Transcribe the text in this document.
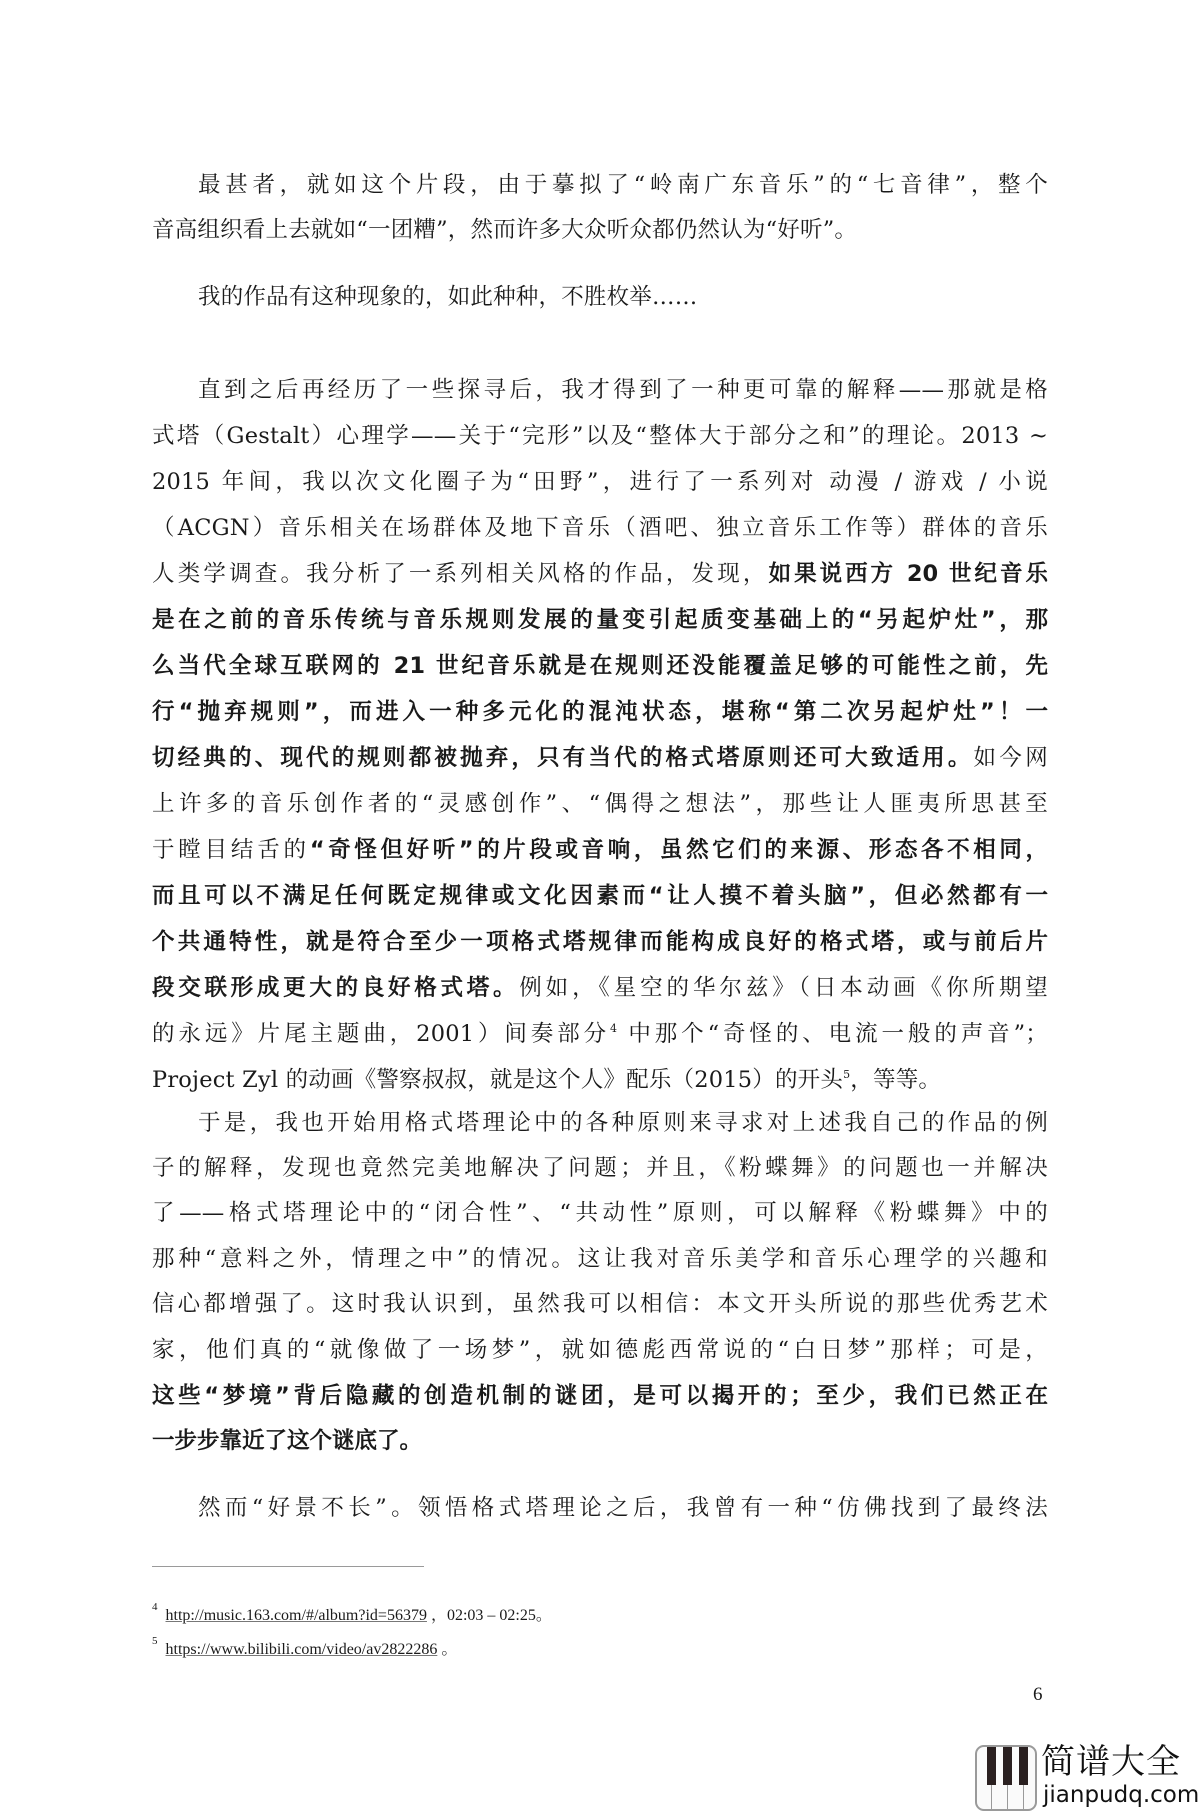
最甚者，就如这个片段，由于摹拟了“岭南广东音乐”的“七音律”，整个
音高组织看上去就如“一团糟”，然而许多大众听众都仍然认为“好听”。
我的作品有这种现象的，如此种种，不胜枚举……
直到之后再经历了一些探寻后，我才得到了一种更可靠的解释——那就是格
式塔（Gestalt）心理学——关于“完形”以及“整体大于部分之和”的理论。2013 ~
2015 年间，我以次文化圈子为“田野”，进行了一系列对 动漫 / 游戏 / 小说
（ACGN）音乐相关在场群体及地下音乐（酒吧、独立音乐工作等）群体的音乐
人类学调查。我分析了一系列相关风格的作品，发现，如果说西方 20 世纪音乐
是在之前的音乐传统与音乐规则发展的量变引起质变基础上的“另起炉灶”，那
么当代全球互联网的 21 世纪音乐就是在规则还没能覆盖足够的可能性之前，先
行“抛弃规则”，而进入一种多元化的混沌状态，堪称“第二次另起炉灶”！一
切经典的、现代的规则都被抛弃，只有当代的格式塔原则还可大致适用。如今网
上许多的音乐创作者的“灵感创作”、“偶得之想法”，那些让人匪夷所思甚至
于瞠目结舌的“奇怪但好听”的片段或音响，虽然它们的来源、形态各不相同，
而且可以不满足任何既定规律或文化因素而“让人摸不着头脑”，但必然都有一
个共通特性，就是符合至少一项格式塔规律而能构成良好的格式塔，或与前后片
段交联形成更大的良好格式塔。例如，《星空的华尔兹》（日本动画《你所期望
的永远》片尾主题曲，2001）间奏部分$^4$ 中那个“奇怪的、电流一般的声音”；
Project Zyl 的动画《警察叔叔，就是这个人》配乐（2015）的开头$^5$，等等。
于是，我也开始用格式塔理论中的各种原则来寻求对上述我自己的作品的例
子的解释，发现也竟然完美地解决了问题；并且，《粉蝶舞》的问题也一并解决
了——格式塔理论中的“闭合性”、“共动性”原则，可以解释《粉蝶舞》中的
那种“意料之外，情理之中”的情况。这让我对音乐美学和音乐心理学的兴趣和
信心都增强了。这时我认识到，虽然我可以相信：本文开头所说的那些优秀艺术
家，他们真的“就像做了一场梦”，就如德彪西常说的“白日梦”那样；可是，
这些“梦境”背后隐藏的创造机制的谜团，是可以揭开的；至少，我们已然正在
一步步靠近了这个谜底了。
然而“好景不长”。领悟格式塔理论之后，我曾有一种“仿佛找到了最终法
$^4$ http://music.163.com/#/album?id=56379 ，02:03 – 02:25。
$^5$ https://www.bilibili.com/video/av2822286 。
6
简谱大全
jianpudq.com
